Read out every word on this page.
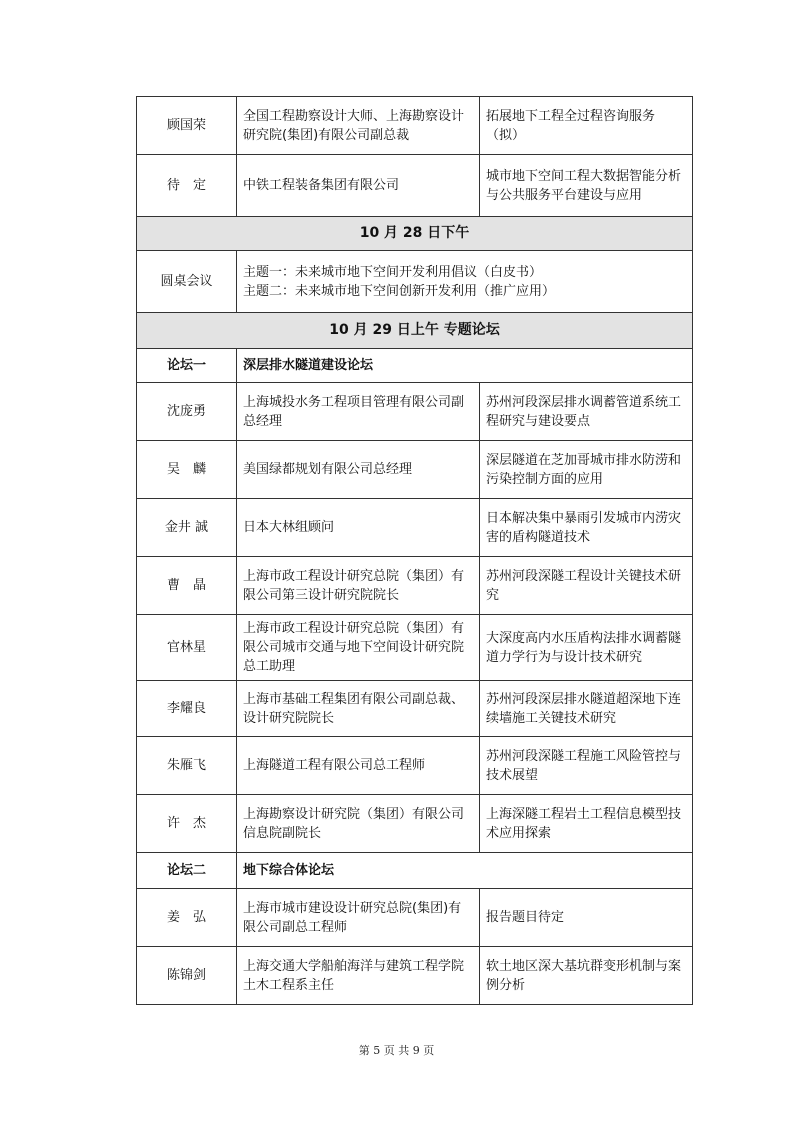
顾国荣	全国工程勘察设计大师、上海勘察设计研究院(集团)有限公司副总裁	拓展地下工程全过程咨询服务（拟）
待　定	中铁工程装备集团有限公司	城市地下空间工程大数据智能分析与公共服务平台建设与应用
10 月 28 日下午		
圆桌会议	主题一：未来城市地下空间开发利用倡议（白皮书）
主题二：未来城市地下空间创新开发利用（推广应用）	

10 月 29 日上午 专题论坛		
论坛一	深层排水隧道建设论坛	
沈庞勇	上海城投水务工程项目管理有限公司副总经理	苏州河段深层排水调蓄管道系统工程研究与建设要点
吴　麟	美国绿都规划有限公司总经理	深层隧道在芝加哥城市排水防涝和污染控制方面的应用
金井 誠	日本大林组顾问	日本解决集中暴雨引发城市内涝灾害的盾构隧道技术
曹　晶	上海市政工程设计研究总院（集团）有限公司第三设计研究院院长	苏州河段深隧工程设计关键技术研究
官林星	上海市政工程设计研究总院（集团）有限公司城市交通与地下空间设计研究院总工助理	大深度高内水压盾构法排水调蓄隧道力学行为与设计技术研究
李耀良	上海市基础工程集团有限公司副总裁、设计研究院院长	苏州河段深层排水隧道超深地下连续墙施工关键技术研究
朱雁飞	上海隧道工程有限公司总工程师	苏州河段深隧工程施工风险管控与技术展望
许　杰	上海勘察设计研究院（集团）有限公司信息院副院长	上海深隧工程岩土工程信息模型技术应用探索
论坛二	地下综合体论坛	
姜　弘	上海市城市建设设计研究总院(集团)有限公司副总工程师	报告题目待定
陈锦剑	上海交通大学船舶海洋与建筑工程学院土木工程系主任	软土地区深大基坑群变形机制与案例分析
第 5 页 共 9 页
